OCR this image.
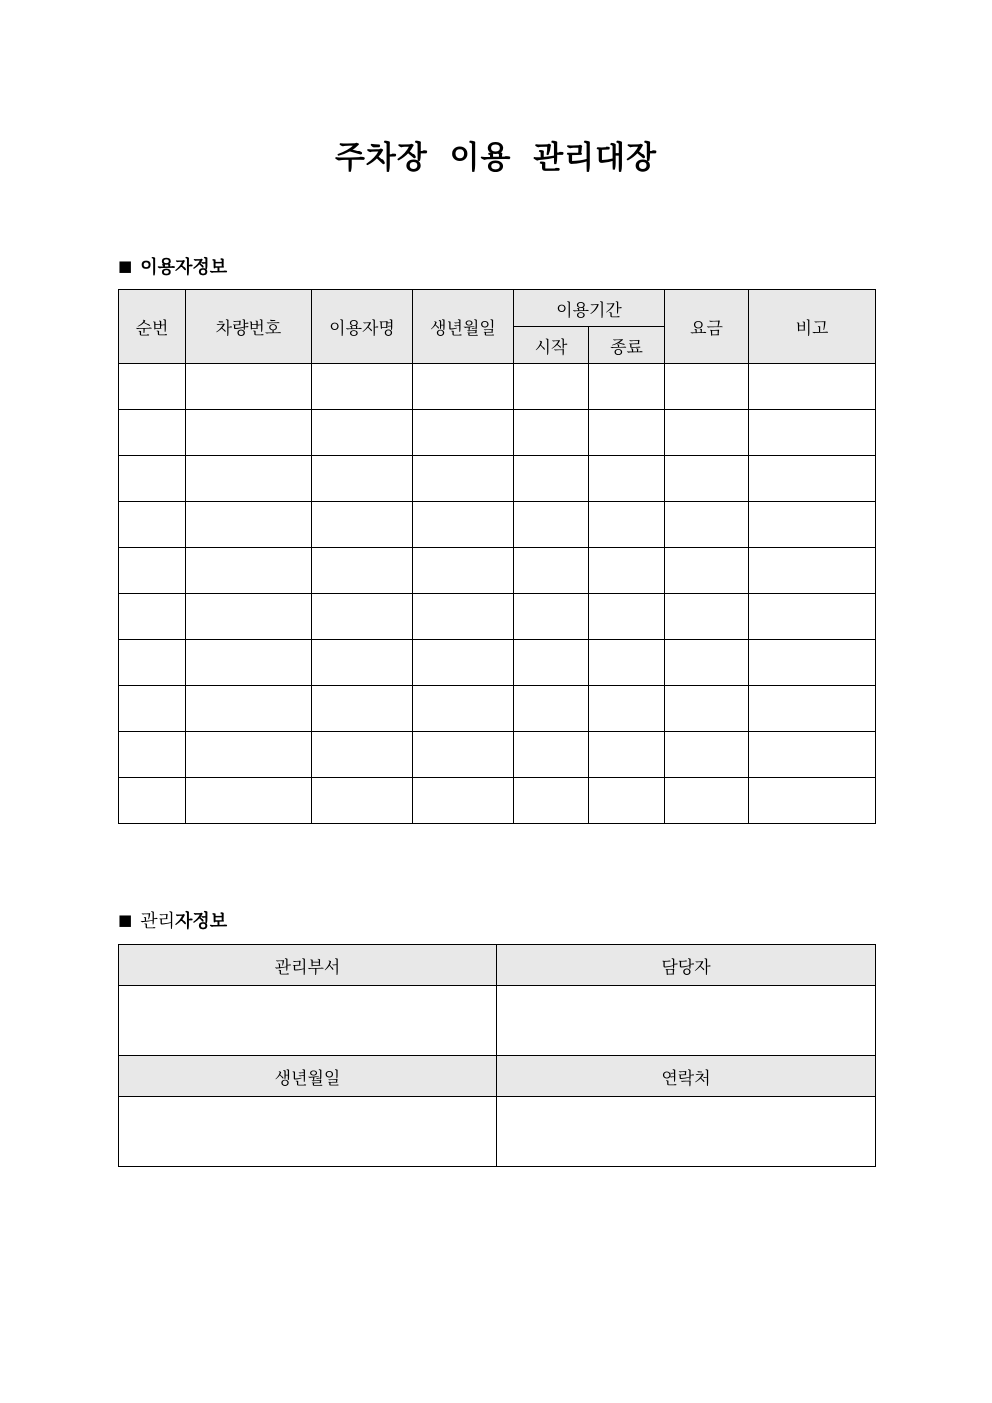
주차장 이용 관리대장
■ 이용자정보
순번	차량번호	이용자명	생년월일	이용기간		요금	비고
				시작	종료		

■ 관리 자정보
관리부서	담당자

생년월일	연락처
